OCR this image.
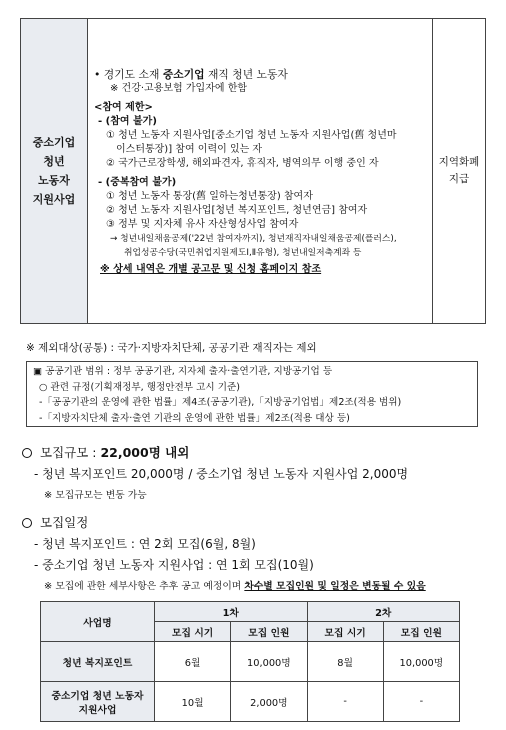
중소기업
청년
노동자
지원사업

• 경기도 소재 중소기업 재직 청년 노동자
※ 건강·고용보험 가입자에 한함
<참여 제한>
- (참여 불가)
① 청년 노동자 지원사업[중소기업 청년 노동자 지원사업(舊 청년마
이스터통장)] 참여 이력이 있는 자
② 국가근로장학생, 해외파견자, 휴직자, 병역의무 이행 중인 자
- (중복참여 불가)
① 청년 노동자 통장(舊 일하는청년통장) 참여자
② 청년 노동자 지원사업[청년 복지포인트, 청년연금] 참여자
③ 정부 및 지자체 유사 자산형성사업 참여자
→ 청년내일채움공제('22년 참여자까지), 청년재직자내일채움공제(플러스),
취업성공수당(국민취업지원제도Ⅰ,Ⅱ유형), 청년내일저축계좌 등
※ 상세 내역은 개별 공고문 및 신청 홈페이지 참조

지역화폐
지급
※ 제외대상(공통) : 국가·지방자치단체, 공공기관 재직자는 제외
▣ 공공기관 범위 : 정부 공공기관, 지자체 출자·출연기관, 지방공기업 등
○ 관련 규정(기획재정부, 행정안전부 고시 기준)
-「공공기관의 운영에 관한 법률」제4조(공공기관),「지방공기업법」제2조(적용 범위)
-「지방자치단체 출자·출연 기관의 운영에 관한 법률」제2조(적용 대상 등)
모집규모 : 22,000명 내외
- 청년 복지포인트 20,000명 / 중소기업 청년 노동자 지원사업 2,000명
※ 모집규모는 변동 가능
모집일정
- 청년 복지포인트 : 연 2회 모집(6월, 8월)
- 중소기업 청년 노동자 지원사업 : 연 1회 모집(10월)
※ 모집에 관한 세부사항은 추후 공고 예정이며 차수별 모집인원 및 일정은 변동될 수 있음
사업명	1차		2차	
	모집 시기	모집 인원	모집 시기	모집 인원
청년 복지포인트	6월	10,000명	8월	10,000명

중소기업 청년 노동자
지원사업	10월	2,000명	-	-
